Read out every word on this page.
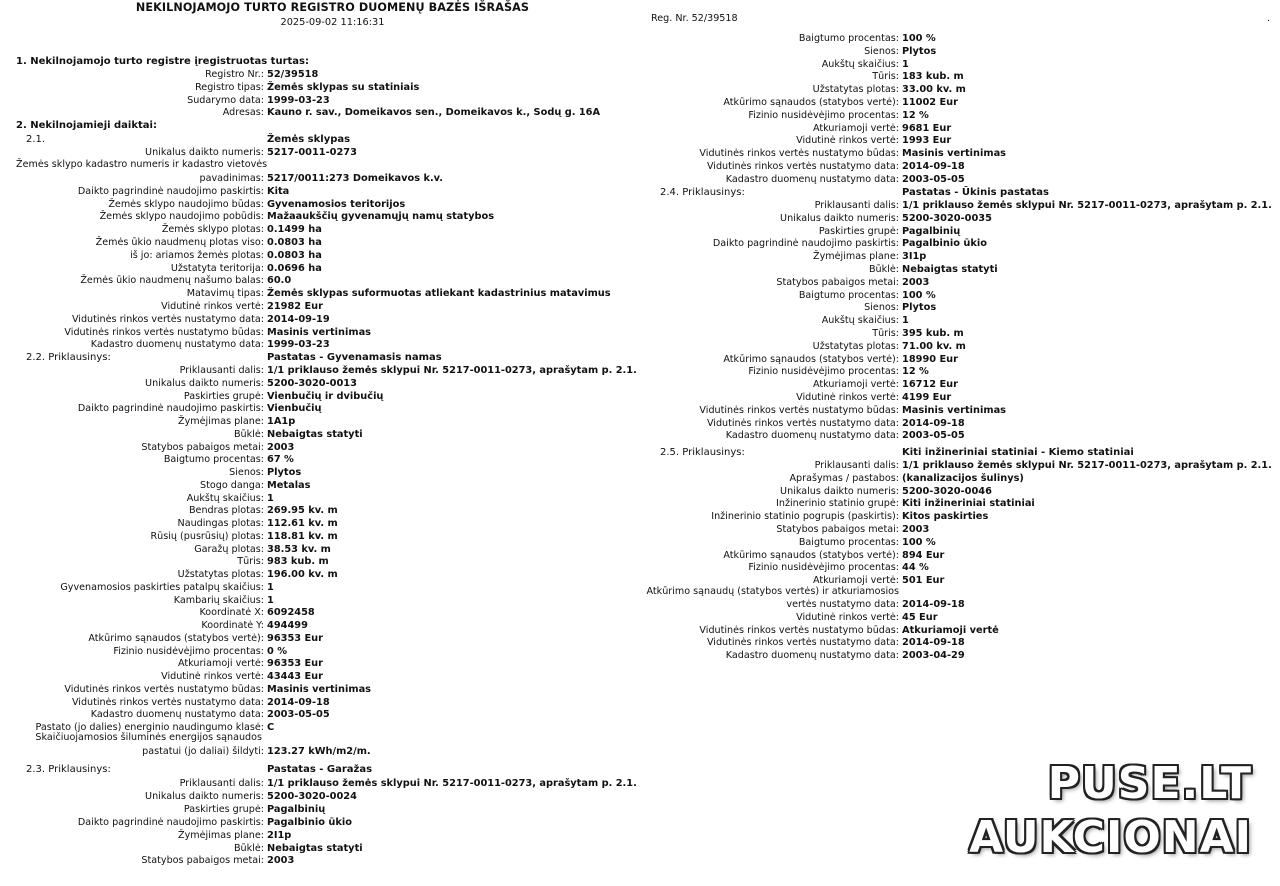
NEKILNOJAMOJO TURTO REGISTRO DUOMENŲ BAZĖS IŠRAŠAS
2025-09-02 11:16:31
1. Nekilnojamojo turto registre įregistruotas turtas:
2. Nekilnojamieji daiktai:
Registro Nr.: 52/39518
Registro tipas: Žemės sklypas su statiniais
Sudarymo data: 1999-03-23
Adresas: Kauno r. sav., Domeikavos sen., Domeikavos k., Sodų g. 16A
2.1.	Žemės sklypas
Unikalus daikto numeris: 5217-0011-0273
Žemės sklypo kadastro numeris ir kadastro vietovės
pavadinimas: 5217/0011:273 Domeikavos k.v.
Daikto pagrindinė naudojimo paskirtis: Kita
Žemės sklypo naudojimo būdas: Gyvenamosios teritorijos
Žemės sklypo naudojimo pobūdis: Mažaaukščių gyvenamųjų namų statybos
Žemės sklypo plotas: 0.1499 ha
Žemės ūkio naudmenų plotas viso: 0.0803 ha
iš jo: ariamos žemės plotas: 0.0803 ha
Užstatyta teritorija: 0.0696 ha
Žemės ūkio naudmenų našumo balas: 60.0
Matavimų tipas: Žemės sklypas suformuotas atliekant kadastrinius matavimus
Vidutinė rinkos vertė: 21982 Eur
Vidutinės rinkos vertės nustatymo data: 2014-09-19
Vidutinės rinkos vertės nustatymo būdas: Masinis vertinimas
Kadastro duomenų nustatymo data: 1999-03-23
2.2. Priklausinys:	Pastatas - Gyvenamasis namas
Priklausanti dalis: 1/1 priklauso žemės sklypui Nr. 5217-0011-0273, aprašytam p. 2.1.
Unikalus daikto numeris: 5200-3020-0013
Paskirties grupė: Vienbučių ir dvibučių
Daikto pagrindinė naudojimo paskirtis: Vienbučių
Žymėjimas plane: 1A1p
Būklė: Nebaigtas statyti
Statybos pabaigos metai: 2003
Baigtumo procentas: 67 %
Sienos: Plytos
Stogo danga: Metalas
Aukštų skaičius: 1
Bendras plotas: 269.95 kv. m
Naudingas plotas: 112.61 kv. m
Rūsių (pusrūsių) plotas: 118.81 kv. m
Garažų plotas: 38.53 kv. m
Tūris: 983 kub. m
Užstatytas plotas: 196.00 kv. m
Gyvenamosios paskirties patalpų skaičius: 1
Kambarių skaičius: 1
Koordinatė X: 6092458
Koordinatė Y: 494499
Atkūrimo sąnaudos (statybos vertė): 96353 Eur
Fizinio nusidėvėjimo procentas: 0 %
Atkuriamoji vertė: 96353 Eur
Vidutinė rinkos vertė: 43443 Eur
Vidutinės rinkos vertės nustatymo būdas: Masinis vertinimas
Vidutinės rinkos vertės nustatymo data: 2014-09-18
Kadastro duomenų nustatymo data: 2003-05-05
Pastato (jo dalies) energinio naudingumo klasė: C
Skaičiuojamosios šiluminės energijos sąnaudos
pastatui (jo daliai) šildyti: 123.27 kWh/m2/m.
2.3. Priklausinys:	Pastatas - Garažas
Priklausanti dalis: 1/1 priklauso žemės sklypui Nr. 5217-0011-0273, aprašytam p. 2.1.
Unikalus daikto numeris: 5200-3020-0024
Paskirties grupė: Pagalbinių
Daikto pagrindinė naudojimo paskirtis: Pagalbinio ūkio
Žymėjimas plane: 2I1p
Būklė: Nebaigtas statyti
Statybos pabaigos metai: 2003
Reg. Nr. 52/39518	.
Baigtumo procentas: 100 %
Sienos: Plytos
Aukštų skaičius: 1
Tūris: 183 kub. m
Užstatytas plotas: 33.00 kv. m
Atkūrimo sąnaudos (statybos vertė): 11002 Eur
Fizinio nusidėvėjimo procentas: 12 %
Atkuriamoji vertė: 9681 Eur
Vidutinė rinkos vertė: 1993 Eur
Vidutinės rinkos vertės nustatymo būdas: Masinis vertinimas
Vidutinės rinkos vertės nustatymo data: 2014-09-18
Kadastro duomenų nustatymo data: 2003-05-05
2.4. Priklausinys:	Pastatas - Ūkinis pastatas
Priklausanti dalis: 1/1 priklauso žemės sklypui Nr. 5217-0011-0273, aprašytam p. 2.1.
Unikalus daikto numeris: 5200-3020-0035
Paskirties grupė: Pagalbinių
Daikto pagrindinė naudojimo paskirtis: Pagalbinio ūkio
Žymėjimas plane: 3I1p
Būklė: Nebaigtas statyti
Statybos pabaigos metai: 2003
Baigtumo procentas: 100 %
Sienos: Plytos
Aukštų skaičius: 1
Tūris: 395 kub. m
Užstatytas plotas: 71.00 kv. m
Atkūrimo sąnaudos (statybos vertė): 18990 Eur
Fizinio nusidėvėjimo procentas: 12 %
Atkuriamoji vertė: 16712 Eur
Vidutinė rinkos vertė: 4199 Eur
Vidutinės rinkos vertės nustatymo būdas: Masinis vertinimas
Vidutinės rinkos vertės nustatymo data: 2014-09-18
Kadastro duomenų nustatymo data: 2003-05-05
2.5. Priklausinys:	Kiti inžineriniai statiniai - Kiemo statiniai
Priklausanti dalis: 1/1 priklauso žemės sklypui Nr. 5217-0011-0273, aprašytam p. 2.1.
Aprašymas / pastabos: (kanalizacijos šulinys)
Unikalus daikto numeris: 5200-3020-0046
Inžinerinio statinio grupė: Kiti inžineriniai statiniai
Inžinerinio statinio pogrupis (paskirtis): Kitos paskirties
Statybos pabaigos metai: 2003
Baigtumo procentas: 100 %
Atkūrimo sąnaudos (statybos vertė): 894 Eur
Fizinio nusidėvėjimo procentas: 44 %
Atkuriamoji vertė: 501 Eur
Atkūrimo sąnaudų (statybos vertės) ir atkuriamosios
vertės nustatymo data: 2014-09-18
Vidutinė rinkos vertė: 45 Eur
Vidutinės rinkos vertės nustatymo būdas: Atkuriamoji vertė
Vidutinės rinkos vertės nustatymo data: 2014-09-18
Kadastro duomenų nustatymo data: 2003-04-29
PUSE.LT
AUKCIONAI
